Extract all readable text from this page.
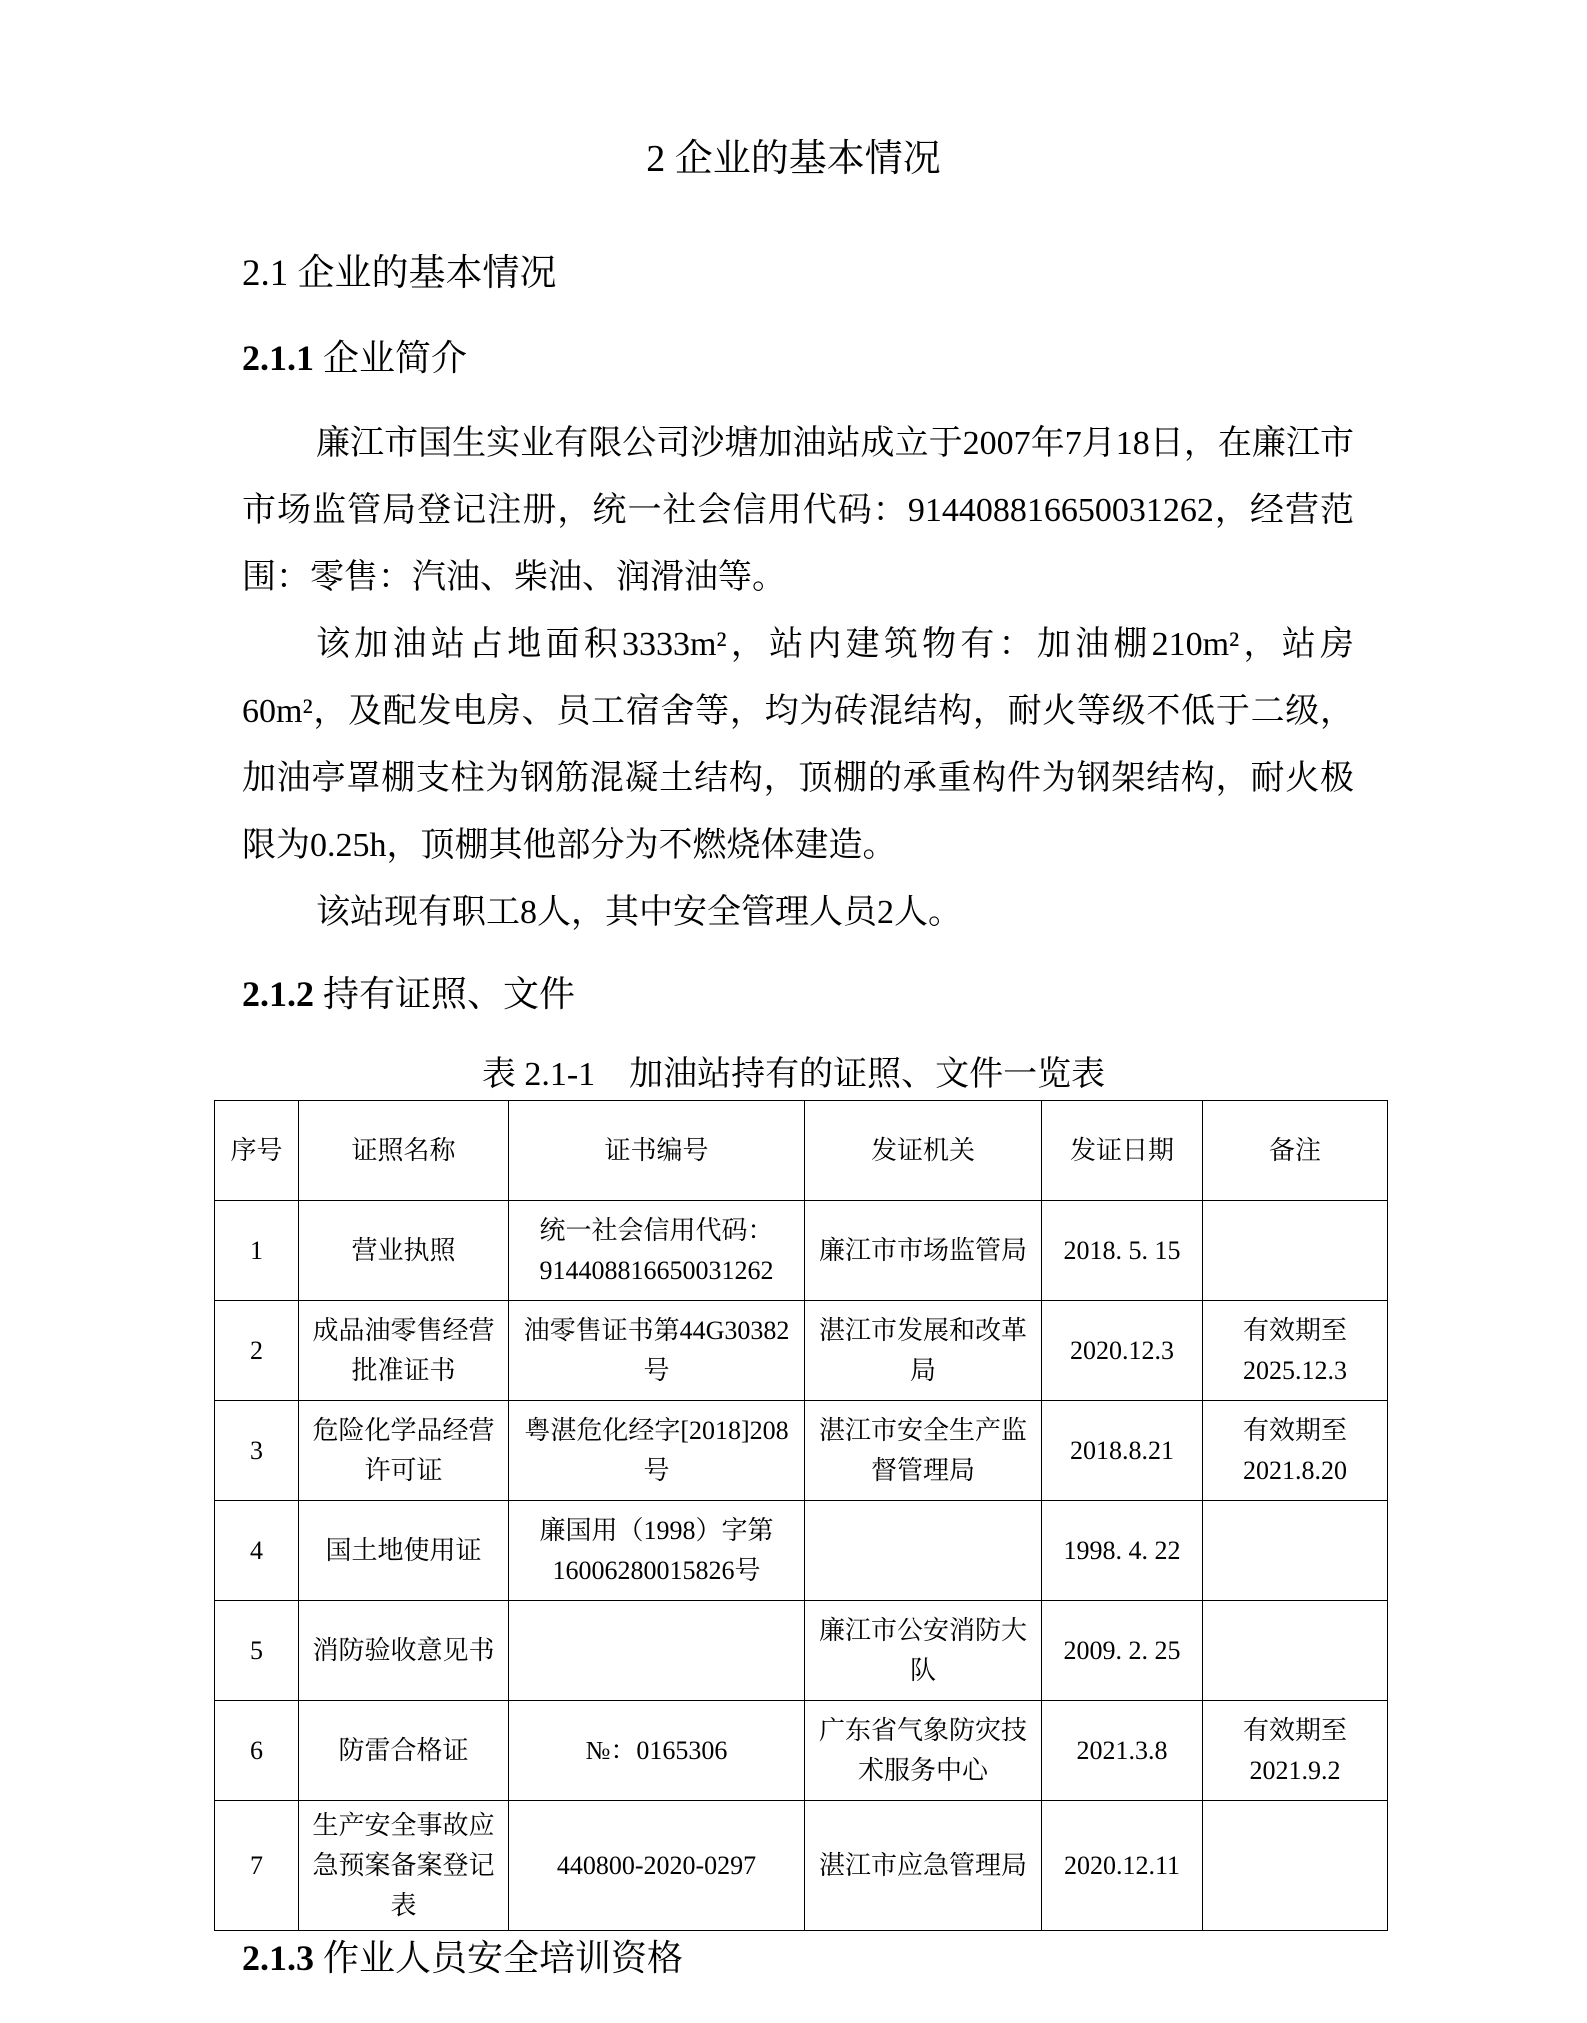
2 企业的基本情况
2.1 企业的基本情况
2.1.1 企业简介

廉江市国生实业有限公司沙塘加油站成立于2007年7月18日，在廉江市市场监管局登记注册，统一社会信用代码：914408816650031262，经营范围：零售：汽油、柴油、润滑油等。

该加油站占地面积3333m²，站内建筑物有：加油棚210m²，站房60m²，及配发电房、员工宿舍等，均为砖混结构，耐火等级不低于二级，加油亭罩棚支柱为钢筋混凝土结构，顶棚的承重构件为钢架结构，耐火极限为0.25h，顶棚其他部分为不燃烧体建造。

该站现有职工8人，其中安全管理人员2人。

2.1.2 持有证照、文件
表 2.1-1　加油站持有的证照、文件一览表
序号	证照名称	证书编号	发证机关	发证日期	备注
1	营业执照	统一社会信用代码：914408816650031262	廉江市市场监管局	2018. 5. 15	
2	成品油零售经营批准证书	油零售证书第44G30382号	湛江市发展和改革局	2020.12.3	有效期至2025.12.3
3	危险化学品经营许可证	粤湛危化经字[2018]208号	湛江市安全生产监督管理局	2018.8.21	有效期至2021.8.20
4	国土地使用证	廉国用（1998）字第16006280015826号		1998. 4. 22	
5	消防验收意见书		廉江市公安消防大队	2009. 2. 25	
6	防雷合格证	№：0165306	广东省气象防灾技术服务中心	2021.3.8	有效期至2021.9.2
7	生产安全事故应急预案备案登记表	440800-2020-0297	湛江市应急管理局	2020.12.11	
2.1.3 作业人员安全培训资格
